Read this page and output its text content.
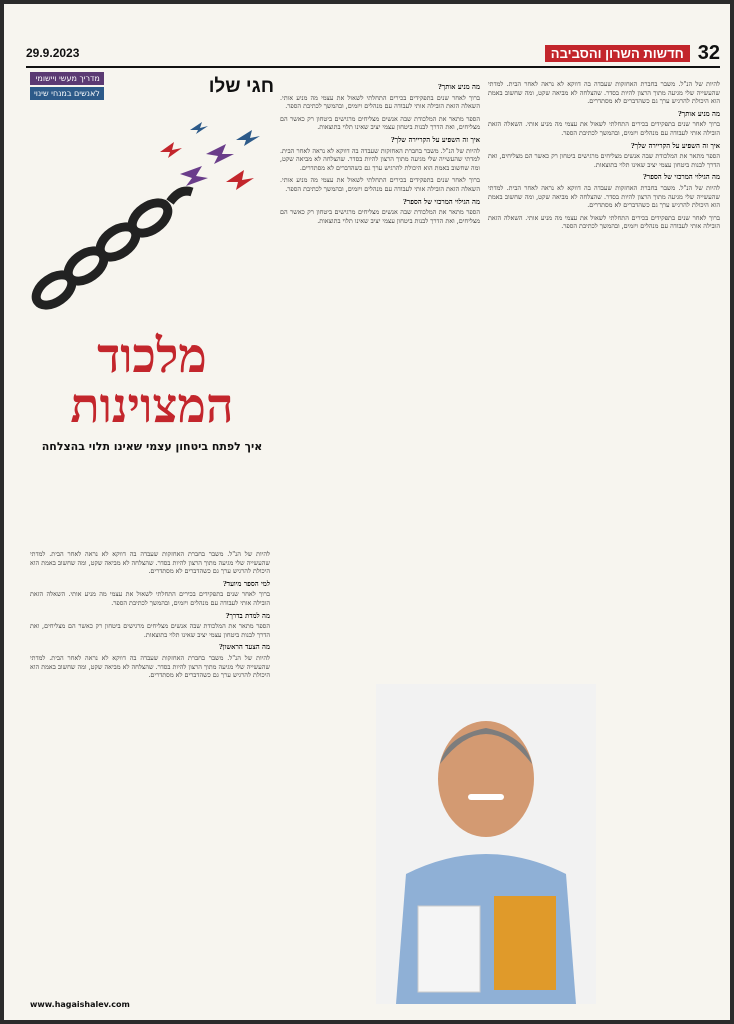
32
חדשות השרון והסביבה
29.9.2023
חגי שלו
מדריך מעשי ויישומי
לאנשים במנחי שינוי
מלכוד
המצוינות
איך לפתח ביטחון עצמי שאינו תלוי בהצלחה

להיות של הנ"ל. משבר בחברת האחזקות שעבדה בה דווקא לא נראה לאחר הבית. למדתי שהעשייה שלי מגיעה מתוך הרצון להיות בסדר. שהצלחה לא מביאה שקט, ומה שחשוב באמת הוא היכולת להרגיש ערך גם כשהדברים לא מסתדרים.

למי הספר מיועד?

ברוך לאחר שנים בתפקידים בכירים התחלתי לשאול את עצמי מה מניע אותי. השאלה הזאת הובילה אותי לעבודה עם מנהלים ויזמים, ובהמשך לכתיבת הספר.

מה למדת בדרך?

הספר מתאר את המלכודת שבה אנשים מצליחים מרגישים ביטחון רק כאשר הם מצליחים, ואת הדרך לבנות ביטחון עצמי יציב שאינו תלוי בתוצאות.

מה הצעד הראשון?

להיות של הנ"ל. משבר בחברת האחזקות שעבדה בה דווקא לא נראה לאחר הבית. למדתי שהעשייה שלי מגיעה מתוך הרצון להיות בסדר. שהצלחה לא מביאה שקט, ומה שחשוב באמת הוא היכולת להרגיש ערך גם כשהדברים לא מסתדרים.

מה מניע אותך?

ברוך לאחר שנים בתפקידים בכירים התחלתי לשאול את עצמי מה מניע אותי. השאלה הזאת הובילה אותי לעבודה עם מנהלים ויזמים, ובהמשך לכתיבת הספר.

הספר מתאר את המלכודת שבה אנשים מצליחים מרגישים ביטחון רק כאשר הם מצליחים, ואת הדרך לבנות ביטחון עצמי יציב שאינו תלוי בתוצאות.

איך זה השפיע על הקריירה שלך?

להיות של הנ"ל. משבר בחברת האחזקות שעבדה בה דווקא לא נראה לאחר הבית. למדתי שהעשייה שלי מגיעה מתוך הרצון להיות בסדר. שהצלחה לא מביאה שקט, ומה שחשוב באמת הוא היכולת להרגיש ערך גם כשהדברים לא מסתדרים.

ברוך לאחר שנים בתפקידים בכירים התחלתי לשאול את עצמי מה מניע אותי. השאלה הזאת הובילה אותי לעבודה עם מנהלים ויזמים, ובהמשך לכתיבת הספר.

מה הגילוי המרכזי של הספר?

הספר מתאר את המלכודת שבה אנשים מצליחים מרגישים ביטחון רק כאשר הם מצליחים, ואת הדרך לבנות ביטחון עצמי יציב שאינו תלוי בתוצאות.

להיות של הנ"ל. משבר בחברת האחזקות שעבדה בה דווקא לא נראה לאחר הבית. למדתי שהעשייה שלי מגיעה מתוך הרצון להיות בסדר. שהצלחה לא מביאה שקט, ומה שחשוב באמת הוא היכולת להרגיש ערך גם כשהדברים לא מסתדרים.

מה מניע אותך?

ברוך לאחר שנים בתפקידים בכירים התחלתי לשאול את עצמי מה מניע אותי. השאלה הזאת הובילה אותי לעבודה עם מנהלים ויזמים, ובהמשך לכתיבת הספר.

איך זה השפיע על הקריירה שלך?

הספר מתאר את המלכודת שבה אנשים מצליחים מרגישים ביטחון רק כאשר הם מצליחים, ואת הדרך לבנות ביטחון עצמי יציב שאינו תלוי בתוצאות.

מה הגילוי המרכזי של הספר?

להיות של הנ"ל. משבר בחברת האחזקות שעבדה בה דווקא לא נראה לאחר הבית. למדתי שהעשייה שלי מגיעה מתוך הרצון להיות בסדר. שהצלחה לא מביאה שקט, ומה שחשוב באמת הוא היכולת להרגיש ערך גם כשהדברים לא מסתדרים.

ברוך לאחר שנים בתפקידים בכירים התחלתי לשאול את עצמי מה מניע אותי. השאלה הזאת הובילה אותי לעבודה עם מנהלים ויזמים, ובהמשך לכתיבת הספר.

www.hagaishalev.com
